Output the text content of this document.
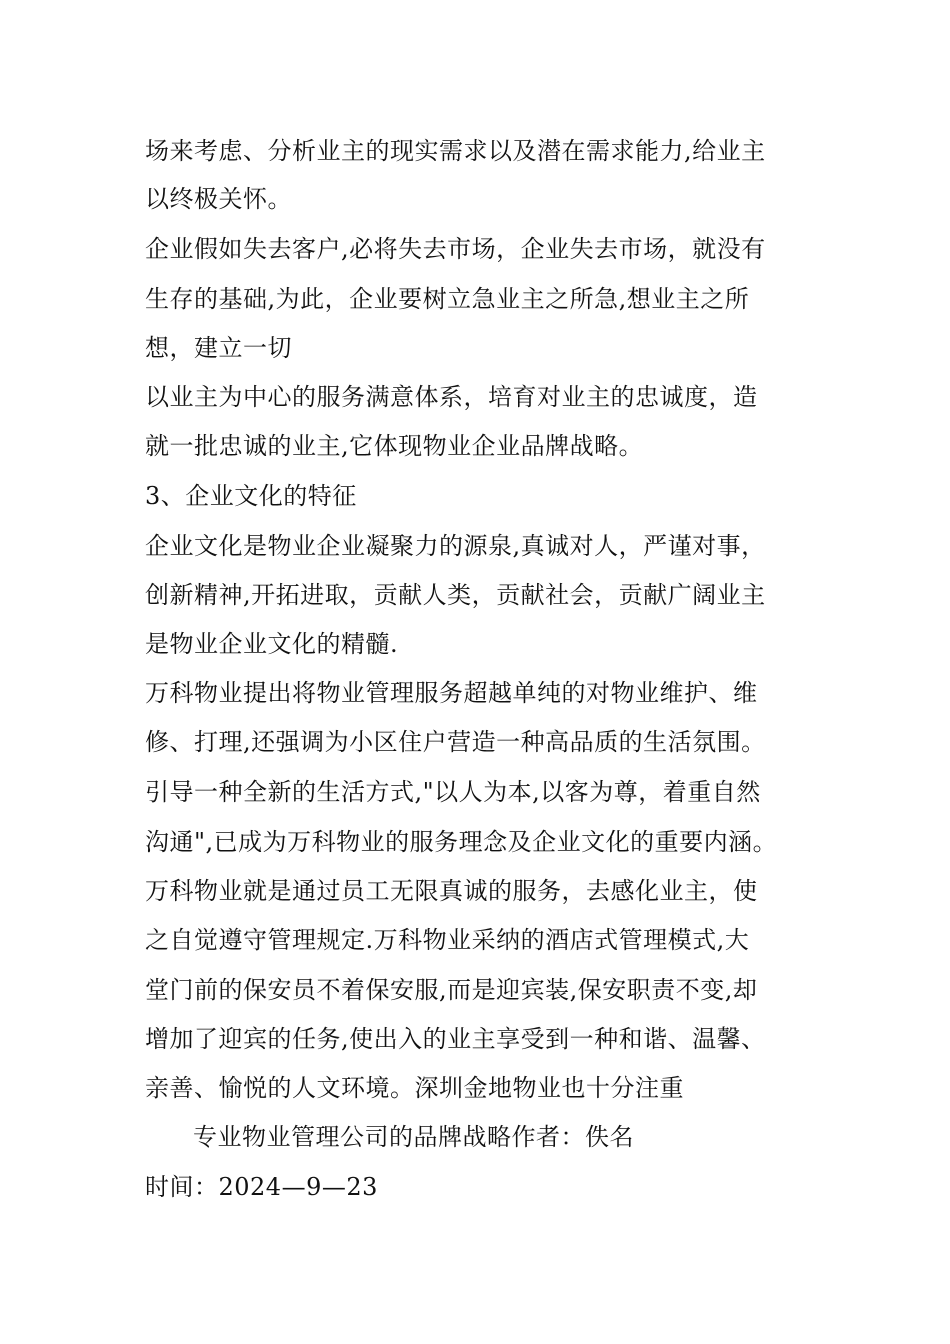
场来考虑、分析业主的现实需求以及潜在需求能力,给业主
以终极关怀。
企业假如失去客户,必将失去市场，企业失去市场，就没有
生存的基础,为此，企业要树立急业主之所急,想业主之所
想，建立一切
以业主为中心的服务满意体系，培育对业主的忠诚度，造
就一批忠诚的业主,它体现物业企业品牌战略。
3、企业文化的特征
企业文化是物业企业凝聚力的源泉,真诚对人，严谨对事，
创新精神,开拓进取，贡献人类，贡献社会，贡献广阔业主
是物业企业文化的精髓.
万科物业提出将物业管理服务超越单纯的对物业维护、维
修、打理,还强调为小区住户营造一种高品质的生活氛围。
引导一种全新的生活方式,"以人为本,以客为尊，着重自然
沟通",已成为万科物业的服务理念及企业文化的重要内涵。
万科物业就是通过员工无限真诚的服务，去感化业主，使
之自觉遵守管理规定.万科物业采纳的酒店式管理模式,大
堂门前的保安员不着保安服,而是迎宾装,保安职责不变,却
增加了迎宾的任务,使出入的业主享受到一种和谐、温馨、
亲善、愉悦的人文环境。深圳金地物业也十分注重
专业物业管理公司的品牌战略作者：佚名
时间：2024—9—23
